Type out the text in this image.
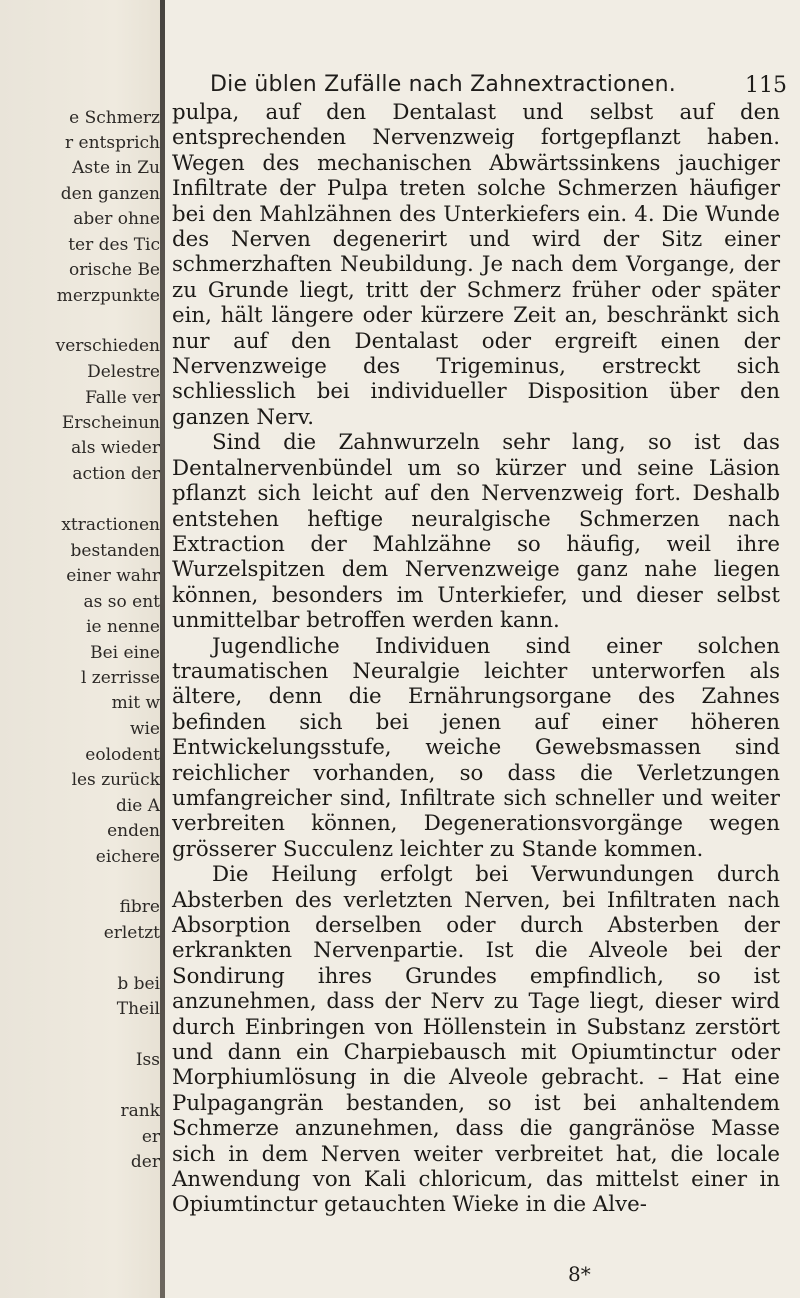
e Schmerz
r entsprich
Aste in Zu
den ganzen
aber ohne
ter des Tic
orische Be
merzpunkte
verschieden
Delestre
Falle ver
Erscheinun
als wieder
action der
xtractionen
bestanden
einer wahr
as so ent
ie nenne
Bei eine
l zerrisse
mit w
wie
eolodent
les zurück
die A
enden
eichere
fibre
erletzt
b bei
Theil
Iss
rank
er
der
Die üblen Zufälle nach Zahnextractionen.	115

pulpa, auf den Dentalast und selbst auf den entsprechenden Nervenzweig fortgepflanzt haben. Wegen des mechanischen Abwärtssinkens jauchiger Infiltrate der Pulpa treten solche Schmerzen häufiger bei den Mahlzähnen des Unterkiefers ein. 4. Die Wunde des Nerven degenerirt und wird der Sitz einer schmerzhaften Neubildung. Je nach dem Vorgange, der zu Grunde liegt, tritt der Schmerz früher oder später ein, hält längere oder kürzere Zeit an, beschränkt sich nur auf den Dentalast oder ergreift einen der Nervenzweige des Trigeminus, erstreckt sich schliesslich bei individueller Disposition über den ganzen Nerv.

Sind die Zahnwurzeln sehr lang, so ist das Dentalnervenbündel um so kürzer und seine Läsion pflanzt sich leicht auf den Nervenzweig fort. Deshalb entstehen heftige neuralgische Schmerzen nach Extraction der Mahlzähne so häufig, weil ihre Wurzelspitzen dem Nervenzweige ganz nahe liegen können, besonders im Unterkiefer, und dieser selbst unmittelbar betroffen werden kann.

Jugendliche Individuen sind einer solchen traumatischen Neuralgie leichter unterworfen als ältere, denn die Ernährungsorgane des Zahnes befinden sich bei jenen auf einer höheren Entwickelungsstufe, weiche Gewebsmassen sind reichlicher vorhanden, so dass die Verletzungen umfangreicher sind, Infiltrate sich schneller und weiter verbreiten können, Degenerationsvorgänge wegen grösserer Succulenz leichter zu Stande kommen.

Die Heilung erfolgt bei Verwundungen durch Absterben des verletzten Nerven, bei Infiltraten nach Absorption derselben oder durch Absterben der erkrankten Nervenpartie. Ist die Alveole bei der Sondirung ihres Grundes empfindlich, so ist anzunehmen, dass der Nerv zu Tage liegt, dieser wird durch Einbringen von Höllenstein in Substanz zerstört und dann ein Charpiebausch mit Opiumtinctur oder Morphiumlösung in die Alveole gebracht. – Hat eine Pulpagangrän bestanden, so ist bei anhaltendem Schmerze anzunehmen, dass die gangränöse Masse sich in dem Nerven weiter verbreitet hat, die locale Anwendung von Kali chloricum, das mittelst einer in Opiumtinctur getauchten Wieke in die Alve-

8*
